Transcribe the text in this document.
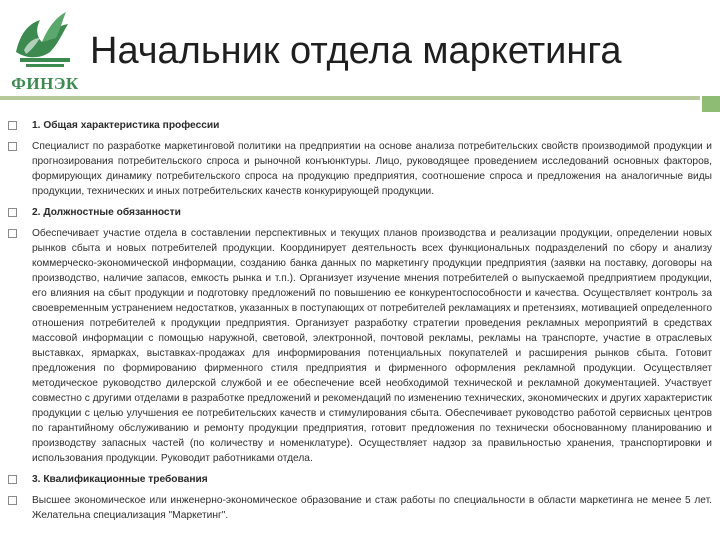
ФИНЭК
Начальник отдела маркетинга
1. Общая характеристика профессии
Специалист по разработке маркетинговой политики на предприятии на основе анализа потребительских свойств производимой продукции и прогнозирования потребительского спроса и рыночной конъюнктуры. Лицо, руководящее проведением исследований основных факторов, формирующих динамику потребительского спроса на продукцию предприятия, соотношение спроса и предложения на аналогичные виды продукции, технических и иных потребительских качеств конкурирующей продукции.
2. Должностные обязанности
Обеспечивает участие отдела в составлении перспективных и текущих планов производства и реализации продукции, определении новых рынков сбыта и новых потребителей продукции. Координирует деятельность всех функциональных подразделений по сбору и анализу коммерческо-экономической информации, созданию банка данных по маркетингу продукции предприятия (заявки на поставку, договоры на производство, наличие запасов, емкость рынка и т.п.). Организует изучение мнения потребителей о выпускаемой предприятием продукции, его влияния на сбыт продукции и подготовку предложений по повышению ее конкурентоспособности и качества. Осуществляет контроль за своевременным устранением недостатков, указанных в поступающих от потребителей рекламациях и претензиях, мотивацией определенного отношения потребителей к продукции предприятия. Организует разработку стратегии проведения рекламных мероприятий в средствах массовой информации с помощью наружной, световой, электронной, почтовой рекламы, рекламы на транспорте, участие в отраслевых выставках, ярмарках, выставках-продажах для информирования потенциальных покупателей и расширения рынков сбыта. Готовит предложения по формированию фирменного стиля предприятия и фирменного оформления рекламной продукции. Осуществляет методическое руководство дилерской службой и ее обеспечение всей необходимой технической и рекламной документацией. Участвует совместно с другими отделами в разработке предложений и рекомендаций по изменению технических, экономических и других характеристик продукции с целью улучшения ее потребительских качеств и стимулирования сбыта. Обеспечивает руководство работой сервисных центров по гарантийному обслуживанию и ремонту продукции предприятия, готовит предложения по технически обоснованному планированию и производству запасных частей (по количеству и номенклатуре). Осуществляет надзор за правильностью хранения, транспортировки и использования продукции. Руководит работниками отдела.
3. Квалификационные требования
Высшее экономическое или инженерно-экономическое образование и стаж работы по специальности в области маркетинга не менее 5 лет. Желательна специализация "Маркетинг".
